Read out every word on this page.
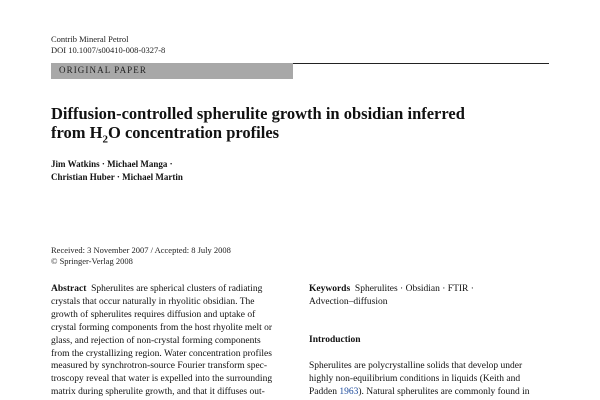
Contrib Mineral Petrol
DOI 10.1007/s00410-008-0327-8
ORIGINAL PAPER
Diffusion-controlled spherulite growth in obsidian inferred
from $H_2O$ concentration profiles
Jim Watkins · Michael Manga ·
Christian Huber · Michael Martin
Received: 3 November 2007 / Accepted: 8 July 2008
© Springer-Verlag 2008
Abstract Spherulites are spherical clusters of radiating
crystals that occur naturally in rhyolitic obsidian. The
growth of spherulites requires diffusion and uptake of
crystal forming components from the host rhyolite melt or
glass, and rejection of non-crystal forming components
from the crystallizing region. Water concentration profiles
measured by synchrotron-source Fourier transform spec-
troscopy reveal that water is expelled into the surrounding
matrix during spherulite growth, and that it diffuses out-
Keywords Spherulites · Obsidian · FTIR ·
Advection–diffusion
Introduction
Spherulites are polycrystalline solids that develop under
highly non-equilibrium conditions in liquids (Keith and
Padden 1963). Natural spherulites are commonly found in
